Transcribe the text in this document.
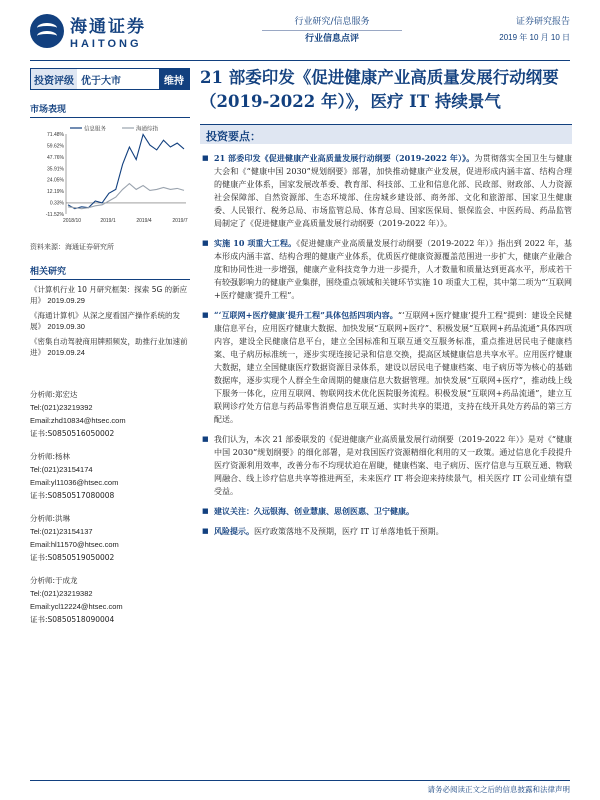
海通证券
HAITONG
行业研究/信息服务
行业信息点评
证券研究报告
2019 年 10 月 10 日
投资评级 优于大市	维持
市场表现
信息服务	海通综指
71.48%
59.62%
47.76%
35.91%
24.05%
12.19%
0.33%
-11.52%
2018/10	2019/1	2019/4	2019/7
资料来源：海通证券研究所
相关研究
《计算机行业 10 月研究框架：探索 5G 的新应用》 2019.09.29
《海通计算机》从深之度看国产操作系统的发展》 2019.09.30
《密集自动驾驶商用牌照频发，助推行业加速前进》 2019.09.24
分析师:郑宏达
Tel:(021)23219392
Email:zhd10834@htsec.com
证书:S0850516050002
分析师:杨林
Tel:(021)23154174
Email:yl11036@htsec.com
证书:S0850517080008
分析师:洪琳
Tel:(021)23154137
Email:hl11570@htsec.com
证书:S0850519050002
分析师:于成龙
Tel:(021)23219382
Email:ycl12224@htsec.com
证书:S0850518090004
21 部委印发《促进健康产业高质量发展行动纲要（2019-2022 年）》，医疗 IT 持续景气
投资要点：
■ 21 部委印发《促进健康产业高质量发展行动纲要（2019-2022 年）》。为贯彻落实全国卫生与健康大会和《“健康中国 2030”规划纲要》部署，加快推动健康产业发展，促进形成内涵丰富、结构合理的健康产业体系，国家发展改革委、教育部、科技部、工业和信息化部、民政部、财政部、人力资源社会保障部、自然资源部、生态环境部、住房城乡建设部、商务部、文化和旅游部、国家卫生健康委、人民银行、税务总局、市场监管总局、体育总局、国家医保局、银保监会、中医药局、药品监管局制定了《促进健康产业高质量发展行动纲要（2019-2022 年）》。
■ 实施 10 项重大工程。《促进健康产业高质量发展行动纲要（2019-2022 年）》指出到 2022 年，基本形成内涵丰富、结构合理的健康产业体系，优质医疗健康资源覆盖范围进一步扩大，健康产业融合度和协同性进一步增强，健康产业科技竞争力进一步提升，人才数量和质量达到更高水平，形成若干有较强影响力的健康产业集群，围绕重点领域和关键环节实施 10 项重大工程，其中第二项为“‘互联网+医疗健康’提升工程”。
■ “‘互联网+医疗健康’提升工程”具体包括四项内容。“‘互联网+医疗健康’提升工程”提到：建设全民健康信息平台，应用医疗健康大数据、加快发展“互联网+医疗”、积极发展“互联网+药品流通”具体四项内容，建设全民健康信息平台，建立全国标准和互联互通交互服务标准，重点推进居民电子健康档案、电子病历标准统一，逐步实现连接记录和信息交换，提高区域健康信息共享水平。应用医疗健康大数据，建立全国健康医疗数据资源目录体系，建设以居民电子健康档案、电子病历等为核心的基础数据库，逐步实现个人群全生命周期的健康信息大数据管理。加快发展“互联网+医疗”，推动线上线下服务一体化，应用互联网、物联网技术优化医院服务流程。积极发展“互联网+药品流通”，建立互联网诊疗处方信息与药品零售消费信息互联互通、实时共享的渠道，支持在线开具处方药品的第三方配送。
■ 我们认为，本次 21 部委联发的《促进健康产业高质量发展行动纲要（2019-2022 年）》是对《“健康中国 2030”规划纲要》的细化部署，是对我国医疗资源精细化利用的又一政策。通过信息化手段提升医疗资源利用效率，改善分布不均现状迫在眉睫，健康档案、电子病历、医疗信息与互联互通、物联网融合、线上诊疗信息共享等推进两至，未来医疗 IT 将会迎来持续景气，相关医疗 IT 公司业绩有望受益。
■ 建议关注：久远银海、创业慧康、思创医惠、卫宁健康。
■ 风险提示。医疗政策落地不及预期，医疗 IT 订单落地低于预期。
请务必阅读正文之后的信息披露和法律声明
